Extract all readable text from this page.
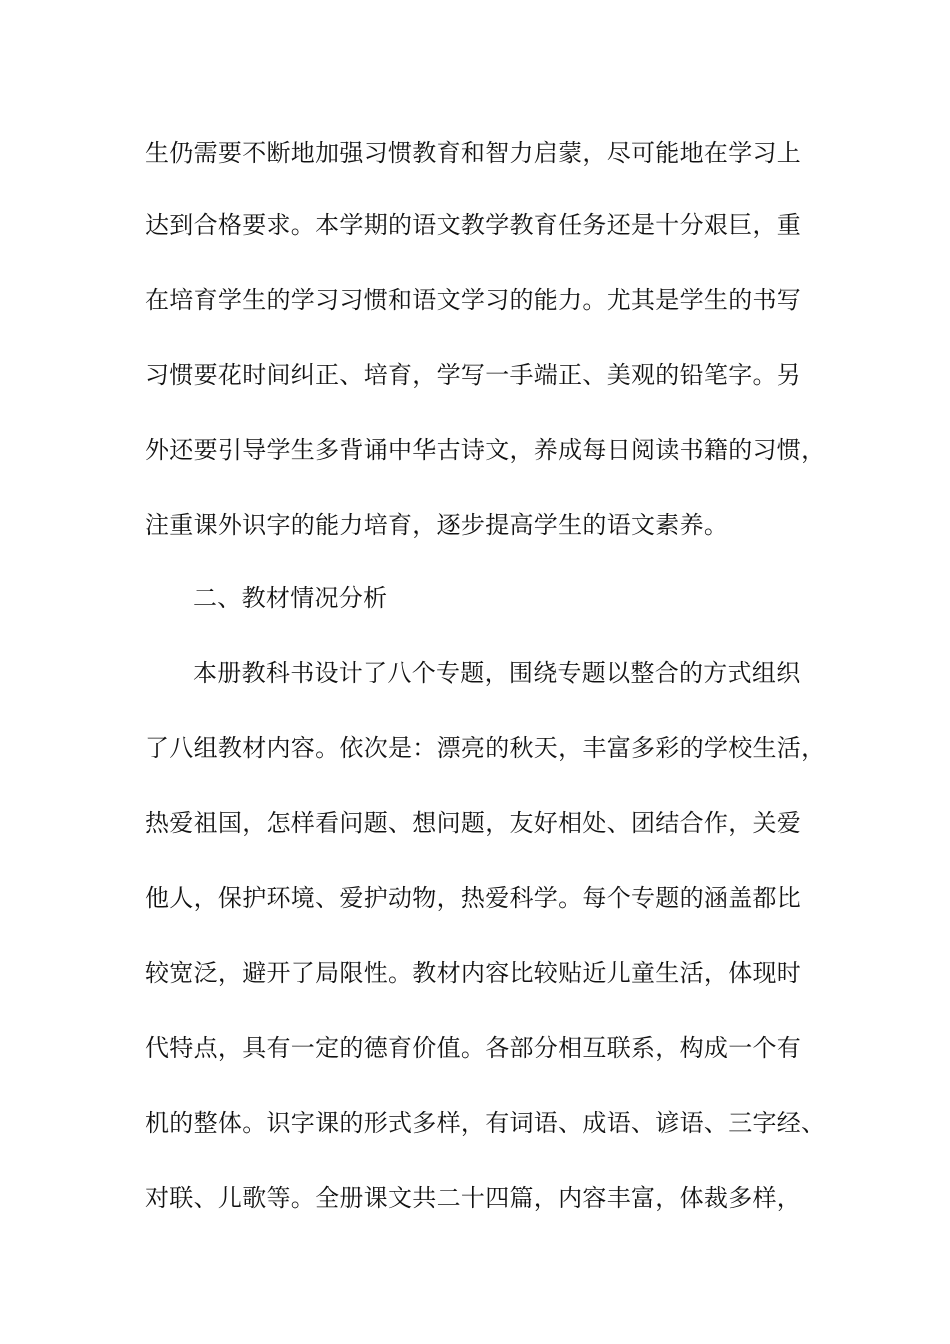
生仍需要不断地加强习惯教育和智力启蒙，尽可能地在学习上
达到合格要求。本学期的语文教学教育任务还是十分艰巨，重
在培育学生的学习习惯和语文学习的能力。尤其是学生的书写
习惯要花时间纠正、培育，学写一手端正、美观的铅笔字。另
外还要引导学生多背诵中华古诗文，养成每日阅读书籍的习惯，
注重课外识字的能力培育，逐步提高学生的语文素养。
二、教材情况分析
本册教科书设计了八个专题，围绕专题以整合的方式组织
了八组教材内容。依次是：漂亮的秋天，丰富多彩的学校生活，
热爱祖国，怎样看问题、想问题，友好相处、团结合作，关爱
他人，保护环境、爱护动物，热爱科学。每个专题的涵盖都比
较宽泛，避开了局限性。教材内容比较贴近儿童生活，体现时
代特点，具有一定的德育价值。各部分相互联系，构成一个有
机的整体。识字课的形式多样，有词语、成语、谚语、三字经、
对联、儿歌等。全册课文共二十四篇，内容丰富，体裁多样，
